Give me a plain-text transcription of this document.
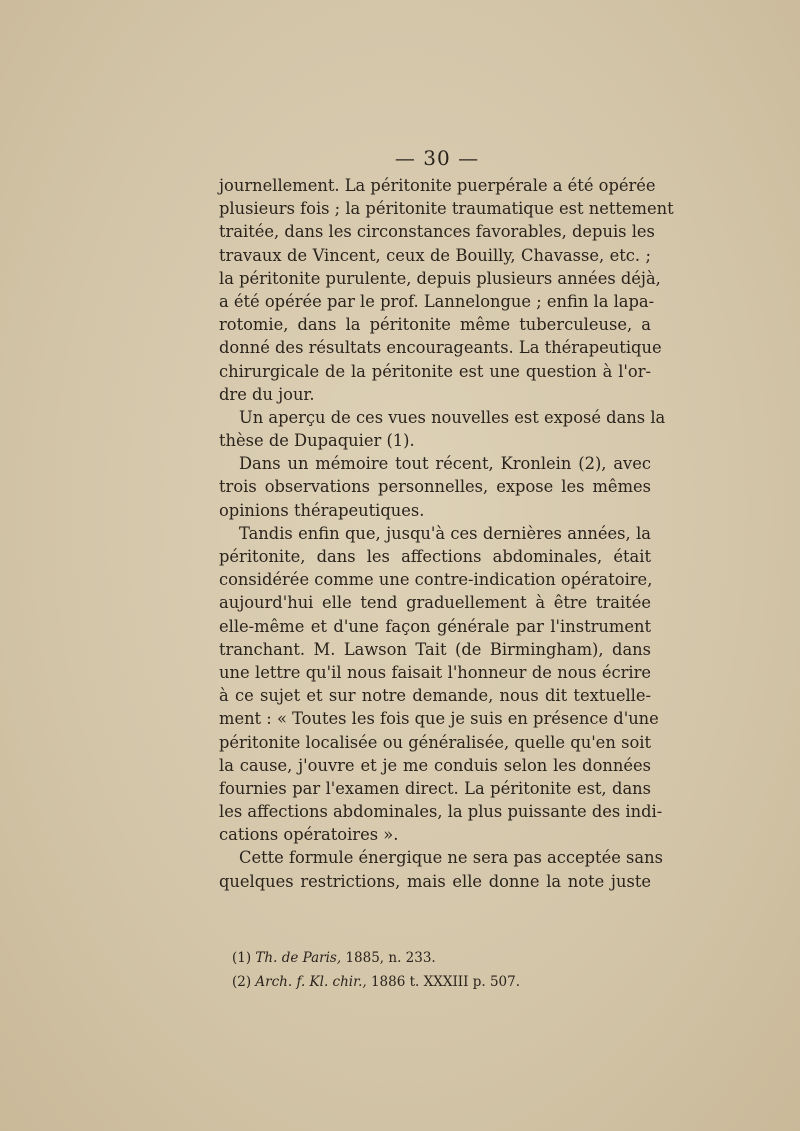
— 30 —
journellement. La péritonite puerpérale a été opérée
plusieurs fois ; la péritonite traumatique est nettement
traitée, dans les circonstances favorables, depuis les
travaux de Vincent, ceux de Bouilly, Chavasse, etc. ;
la péritonite purulente, depuis plusieurs années déjà,
a été opérée par le prof. Lannelongue ; enfin la lapa-
rotomie, dans la péritonite même tuberculeuse, a
donné des résultats encourageants. La thérapeutique
chirurgicale de la péritonite est une question à l'or-
dre du jour.
Un aperçu de ces vues nouvelles est exposé dans la
thèse de Dupaquier (1).
Dans un mémoire tout récent, Kronlein (2), avec
trois observations personnelles, expose les mêmes
opinions thérapeutiques.
Tandis enfin que, jusqu'à ces dernières années, la
péritonite, dans les affections abdominales, était
considérée comme une contre-indication opératoire,
aujourd'hui elle tend graduellement à être traitée
elle-même et d'une façon générale par l'instrument
tranchant. M. Lawson Tait (de Birmingham), dans
une lettre qu'il nous faisait l'honneur de nous écrire
à ce sujet et sur notre demande, nous dit textuelle-
ment : « Toutes les fois que je suis en présence d'une
péritonite localisée ou généralisée, quelle qu'en soit
la cause, j'ouvre et je me conduis selon les données
fournies par l'examen direct. La péritonite est, dans
les affections abdominales, la plus puissante des indi-
cations opératoires ».
Cette formule énergique ne sera pas acceptée sans
quelques restrictions, mais elle donne la note juste
(1) Th. de Paris, 1885, n. 233.
(2) Arch. f. Kl. chir., 1886 t. XXXIII p. 507.
